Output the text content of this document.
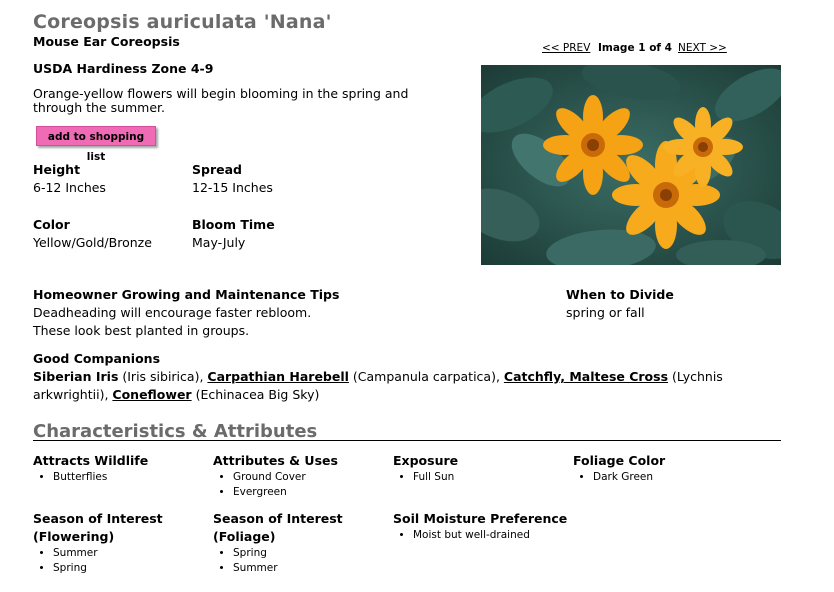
Coreopsis auriculata 'Nana'
Mouse Ear Coreopsis
USDA Hardiness Zone 4-9
Orange-yellow flowers will begin blooming in the spring and through the summer.
add to shopping list
Height
6-12 Inches
Spread
12-15 Inches
Color
Yellow/Gold/Bronze
Bloom Time
May-July
<< PREV Image 1 of 4 NEXT >>
Homeowner Growing and Maintenance Tips
Deadheading will encourage faster rebloom.
These look best planted in groups.
When to Divide
spring or fall
Good Companions
Siberian Iris (Iris sibirica), Carpathian Harebell (Campanula carpatica), Catchfly, Maltese Cross (Lychnis arkwrightii), Coneflower (Echinacea Big Sky)
Characteristics & Attributes
Attracts Wildlife
• Butterflies
Attributes & Uses
• Ground Cover
• Evergreen
Exposure
• Full Sun
Foliage Color
• Dark Green
Season of Interest
(Flowering)
• Summer
• Spring
Season of Interest
(Foliage)
• Spring
• Summer
Soil Moisture Preference
• Moist but well-drained
